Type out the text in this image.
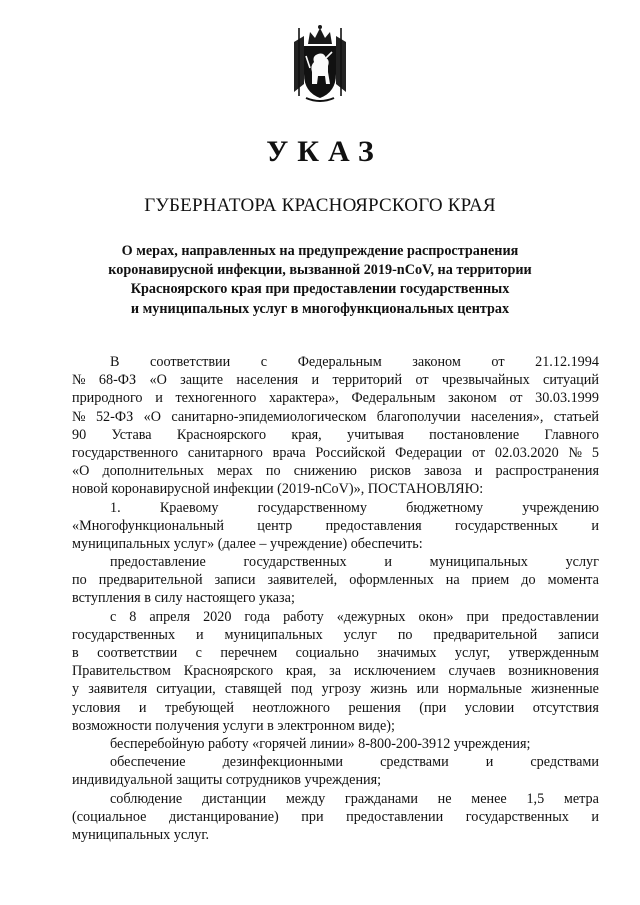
УКАЗ
ГУБЕРНАТОРА КРАСНОЯРСКОГО КРАЯ
О мерах, направленных на предупреждение распространения
коронавирусной инфекции, вызванной 2019-nCoV, на территории
Красноярского края при предоставлении государственных
и муниципальных услуг в многофункциональных центрах
В соответствии с Федеральным законом от 21.12.1994
№ 68-ФЗ «О защите населения и территорий от чрезвычайных ситуаций
природного и техногенного характера», Федеральным законом от 30.03.1999
№ 52-ФЗ «О санитарно-эпидемиологическом благополучии населения», статьей
90 Устава Красноярского края, учитывая постановление Главного
государственного санитарного врача Российской Федерации от 02.03.2020 № 5
«О дополнительных мерах по снижению рисков завоза и распространения
новой коронавирусной инфекции (2019-nCoV)», ПОСТАНОВЛЯЮ:
1.	Краевому	государственному	бюджетному	учреждению
«Многофункциональный центр предоставления государственных и
муниципальных услуг» (далее – учреждение) обеспечить:
предоставление	государственных	и	муниципальных	услуг
по предварительной записи заявителей, оформленных на прием до момента
вступления в силу настоящего указа;
с 8 апреля 2020 года работу «дежурных окон» при предоставлении
государственных и муниципальных услуг по предварительной записи
в соответствии с перечнем социально значимых услуг, утвержденным
Правительством Красноярского края, за исключением случаев возникновения
у заявителя ситуации, ставящей под угрозу жизнь или нормальные жизненные
условия и требующей неотложного решения (при условии отсутствия
возможности получения услуги в электронном виде);
бесперебойную работу «горячей линии» 8-800-200-3912 учреждения;
обеспечение	дезинфекционными	средствами	и	средствами
индивидуальной защиты сотрудников учреждения;
соблюдение дистанции между гражданами не менее 1,5 метра
(социальное дистанцирование) при предоставлении государственных и
муниципальных услуг.
